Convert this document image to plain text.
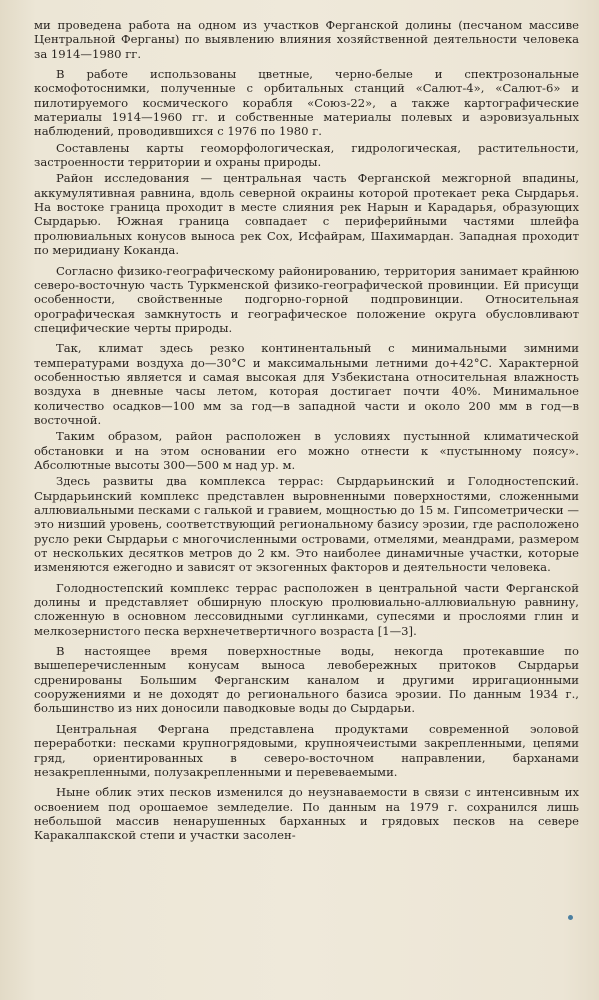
ми проведена работа на одном из участков Ферганской долины (песчаном массиве Центральной Ферганы) по выявлению влияния хозяйственной деятельности человека за 1914—1980 гг.

В работе использованы цветные, черно-белые и спектрозональные космофотоснимки, полученные с орбитальных станций «Салют-4», «Салют-6» и пилотируемого космического корабля «Союз-22», а также картографические материалы 1914—1960 гг. и собственные материалы полевых и аэровизуальных наблюдений, проводившихся с 1976 по 1980 г.

Составлены карты геоморфологическая, гидрологическая, растительности, застроенности территории и охраны природы.

Район исследования — центральная часть Ферганской межгорной впадины, аккумулятивная равнина, вдоль северной окраины которой протекает река Сырдарья. На востоке граница проходит в месте слияния рек Нарын и Карадарья, образующих Сырдарью. Южная граница совпадает с периферийными частями шлейфа пролювиальных конусов выноса рек Сох, Исфайрам, Шахимардан. Западная проходит по меридиану Коканда.

Согласно физико-географическому районированию, территория занимает крайнюю северо-восточную часть Туркменской физико-географической провинции. Ей присущи особенности, свойственные подгорно-горной подпровинции. Относительная орографическая замкнутость и географическое положение округа обусловливают специфические черты природы.

Так, климат здесь резко континентальный с минимальными зимними температурами воздуха до—30°С и максимальными летними до+42°С. Характерной особенностью является и самая высокая для Узбекистана относительная влажность воздуха в дневные часы летом, которая достигает почти 40%. Минимальное количество осадков—100 мм за год—в западной части и около 200 мм в год—в восточной.

Таким образом, район расположен в условиях пустынной климатической обстановки и на этом основании его можно отнести к «пустынному поясу». Абсолютные высоты 300—500 м над ур. м.

Здесь развиты два комплекса террас: Сырдарьинский и Голодностепский. Сырдарьинский комплекс представлен выровненными поверхностями, сложенными аллювиальными песками с галькой и гравием, мощностью до 15 м. Гипсометрически — это низший уровень, соответствующий региональному базису эрозии, где расположено русло реки Сырдарьи с многочисленными островами, отмелями, меандрами, размером от нескольких десятков метров до 2 км. Это наиболее динамичные участки, которые изменяются ежегодно и зависят от экзогенных факторов и деятельности человека.

Голодностепский комплекс террас расположен в центральной части Ферганской долины и представляет обширную плоскую пролювиально-аллювиальную равнину, сложенную в основном лессовидными суглинками, супесями и прослоями глин и мелкозернистого песка верхнечетвертичного возраста [1—3].

В настоящее время поверхностные воды, некогда протекавшие по вышеперечисленным конусам выноса левобережных притоков Сырдарьи сдренированы Большим Ферганским каналом и другими ирригационными сооружениями и не доходят до регионального базиса эрозии. По данным 1934 г., большинство из них доносили паводковые воды до Сырдарьи.

Центральная Фергана представлена продуктами современной эоловой переработки: песками крупногрядовыми, крупноячеистыми закрепленными, цепями гряд, ориентированных в северо-восточном направлении, барханами незакрепленными, полузакрепленными и перевеваемыми.

Ныне облик этих песков изменился до неузнаваемости в связи с интенсивным их освоением под орошаемое земледелие. По данным на 1979 г. сохранился лишь небольшой массив ненарушенных барханных и грядовых песков на севере Каракалпакской степи и участки засолен-
